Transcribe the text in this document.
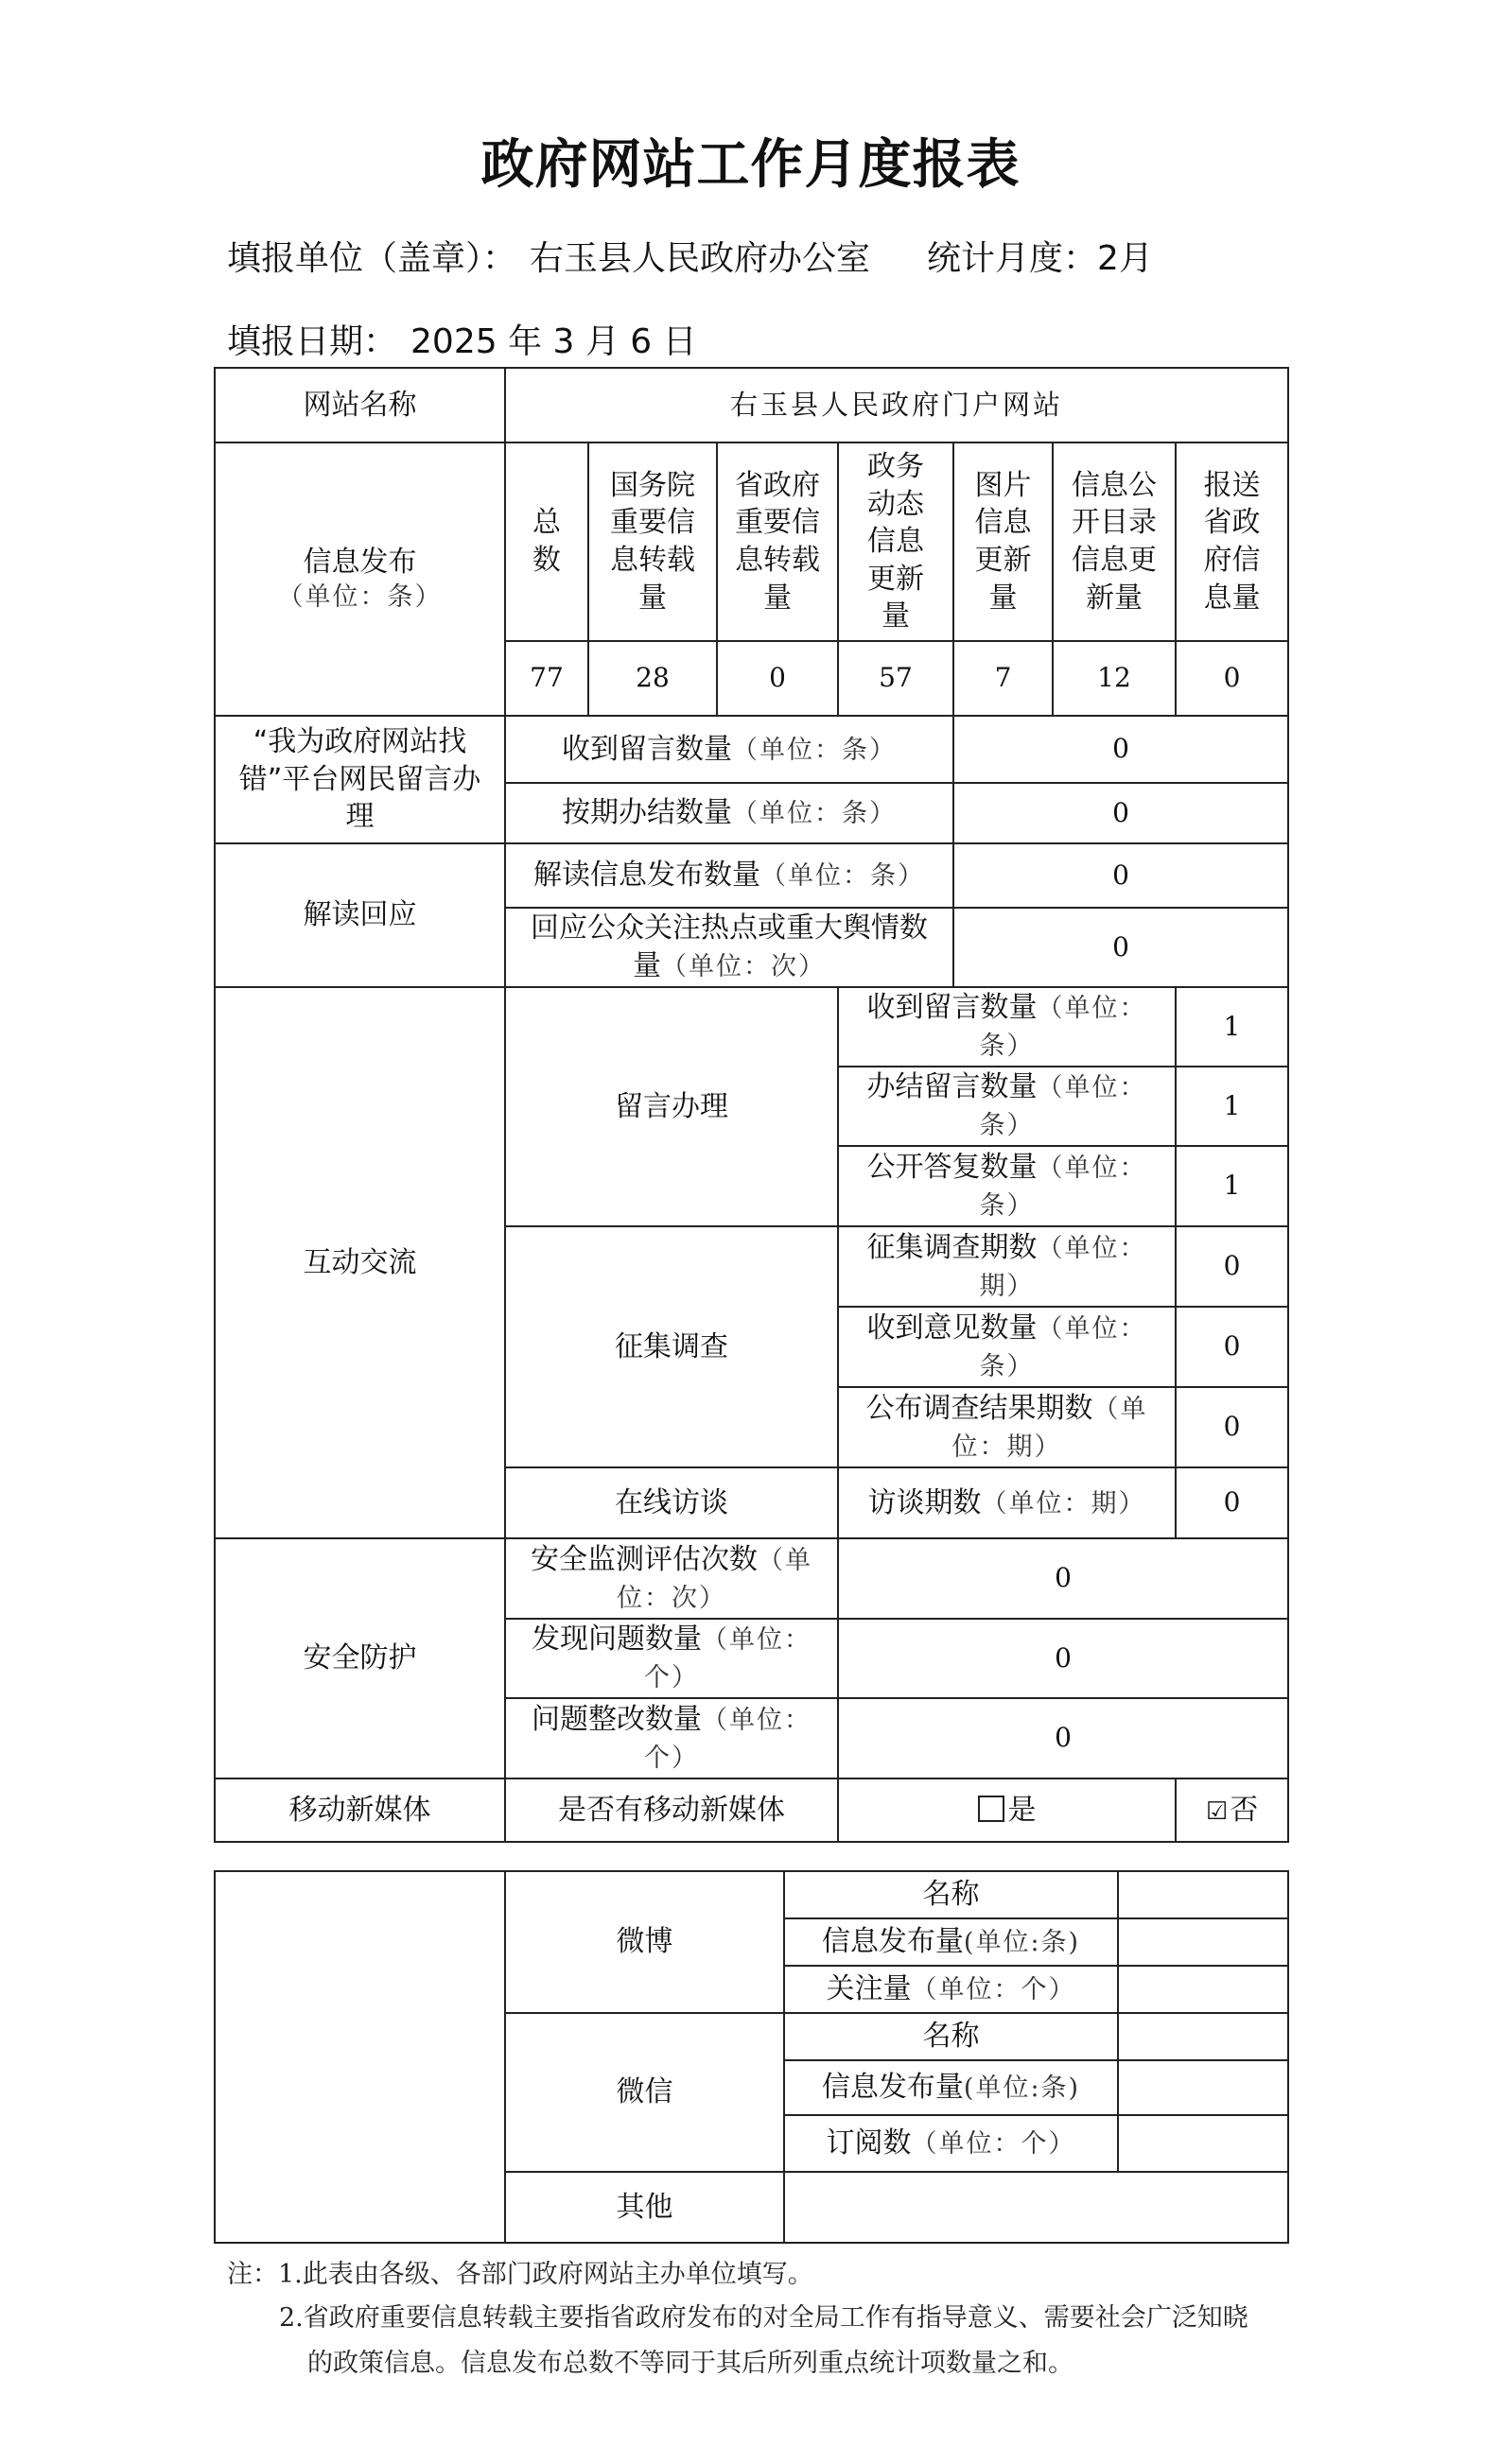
政府网站工作月度报表
填报单位（盖章）： 右玉县人民政府办公室 统计月度：2月
填报日期： 2025 年 3 月 6 日
网站名称	右玉县人民政府门户网站						

信息发布
（单位：条）	总数	国务院重要信息转载量	省政府重要信息转载量	政务动态信息更新量	图片信息更新量	信息公开目录信息更新量	报送省政府信息量
	77	28	0	57	7	12	0
“我为政府网站找错”平台网民留言办理	收到留言数量（单位：条）				0		
	按期办结数量（单位：条）				0		
解读回应	解读信息发布数量（单位：条）				0		
	回应公众关注热点或重大舆情数量（单位：次）				0		
互动交流	留言办理			收到留言数量（单位：条）			1
				办结留言数量（单位：条）			1
				公开答复数量（单位：条）			1
	征集调查			征集调查期数（单位：期）			0
				收到意见数量（单位：条）			0
				公布调查结果期数（单位：期）			0
	在线访谈			访谈期数（单位：期）			0
安全防护	安全监测评估次数（单位：次）			0			
	发现问题数量（单位：个）			0			
	问题整改数量（单位：个）			0			
移动新媒体	是否有移动新媒体			是			☑否
	微博	名称	
		信息发布量(单位:条)	
		关注量（单位：个）	
	微信	名称	
		信息发布量(单位:条)	
		订阅数（单位：个）	
	其他		
注：1.此表由各级、各部门政府网站主办单位填写。
2.省政府重要信息转载主要指省政府发布的对全局工作有指导意义、需要社会广泛知晓
的政策信息。信息发布总数不等同于其后所列重点统计项数量之和。
